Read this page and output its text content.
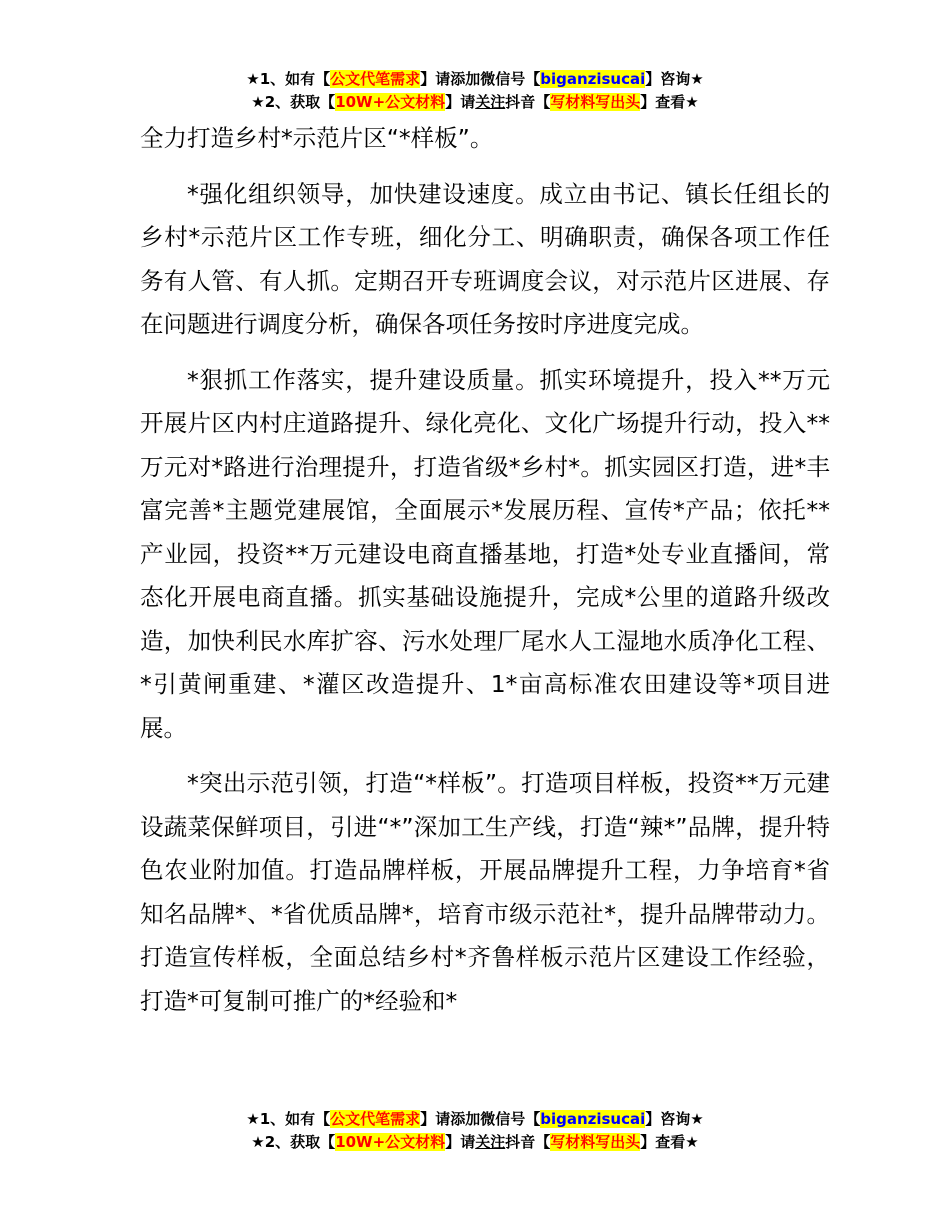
★1、如有【公文代笔需求】请添加微信号【biganzisucai】咨询★
★2、获取【10W+公文材料】请关注抖音【写材料写出头】查看★

全力打造乡村*示范片区“*样板”。

*强化组织领导，加快建设速度。成立由书记、镇长任组长的乡村*示范片区工作专班，细化分工、明确职责，确保各项工作任务有人管、有人抓。定期召开专班调度会议，对示范片区进展、存在问题进行调度分析，确保各项任务按时序进度完成。

*狠抓工作落实，提升建设质量。抓实环境提升，投入**万元开展片区内村庄道路提升、绿化亮化、文化广场提升行动，投入**万元对*路进行治理提升，打造省级*乡村*。抓实园区打造，进*丰富完善*主题党建展馆，全面展示*发展历程、宣传*产品；依托**产业园，投资**万元建设电商直播基地，打造*处专业直播间，常态化开展电商直播。抓实基础设施提升，完成*公里的道路升级改造，加快利民水库扩容、污水处理厂尾水人工湿地水质净化工程、*引黄闸重建、*灌区改造提升、1*亩高标准农田建设等*项目进展。

*突出示范引领，打造“*样板”。打造项目样板，投资**万元建设蔬菜保鲜项目，引进“*”深加工生产线，打造“辣*”品牌，提升特色农业附加值。打造品牌样板，开展品牌提升工程，力争培育*省知名品牌*、*省优质品牌*，培育市级示范社*，提升品牌带动力。打造宣传样板，全面总结乡村*齐鲁样板示范片区建设工作经验，打造*可复制可推广的*经验和*

★1、如有【公文代笔需求】请添加微信号【biganzisucai】咨询★
★2、获取【10W+公文材料】请关注抖音【写材料写出头】查看★
